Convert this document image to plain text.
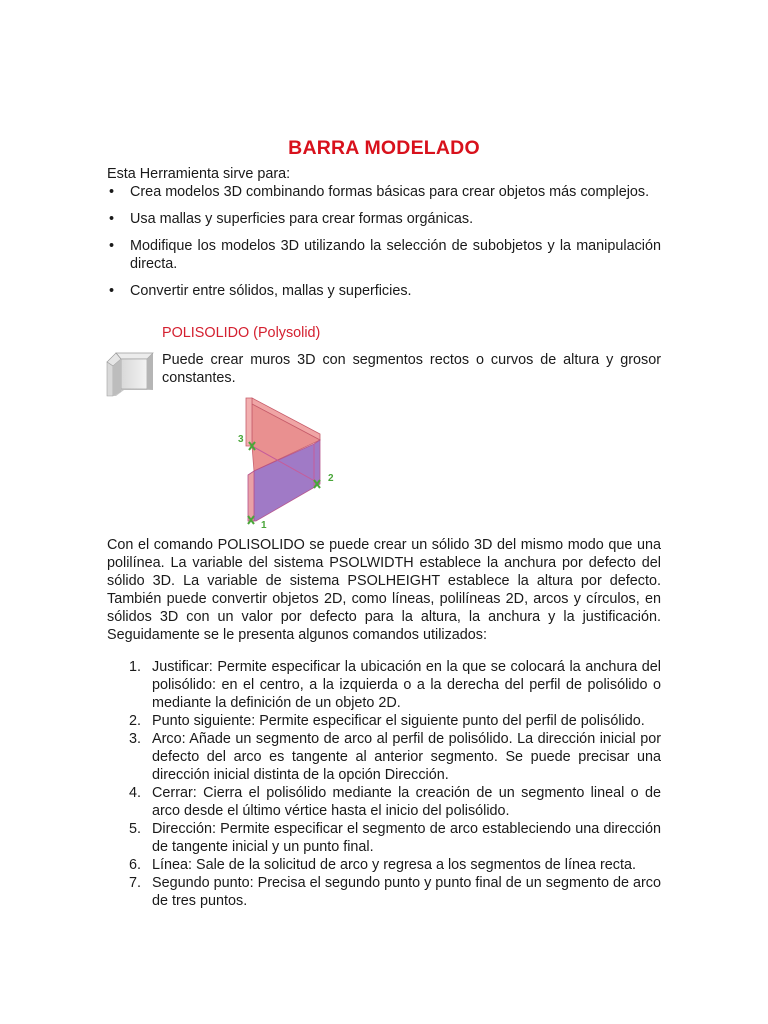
BARRA MODELADO
Esta Herramienta sirve para:
• Crea modelos 3D combinando formas básicas para crear objetos más complejos.
• Usa mallas y superficies para crear formas orgánicas.
• Modifique los modelos 3D utilizando la selección de subobjetos y la manipulación directa.
• Convertir entre sólidos, mallas y superficies.
POLISOLIDO (Polysolid)
Puede crear muros 3D con segmentos rectos o curvos de altura y grosor constantes.
1
2
3
Con el comando POLISOLIDO se puede crear un sólido 3D del mismo modo que una polilínea. La variable del sistema PSOLWIDTH establece la anchura por defecto del sólido 3D. La variable de sistema PSOLHEIGHT establece la altura por defecto. También puede convertir objetos 2D, como líneas, polilíneas 2D, arcos y círculos, en sólidos 3D con un valor por defecto para la altura, la anchura y la justificación. Seguidamente se le presenta algunos comandos utilizados:
1. Justificar: Permite especificar la ubicación en la que se colocará la anchura del polisólido: en el centro, a la izquierda o a la derecha del perfil de polisólido o mediante la definición de un objeto 2D.
2. Punto siguiente: Permite especificar el siguiente punto del perfil de polisólido.
3. Arco: Añade un segmento de arco al perfil de polisólido. La dirección inicial por defecto del arco es tangente al anterior segmento. Se puede precisar una dirección inicial distinta de la opción Dirección.
4. Cerrar: Cierra el polisólido mediante la creación de un segmento lineal o de arco desde el último vértice hasta el inicio del polisólido.
5. Dirección: Permite especificar el segmento de arco estableciendo una dirección de tangente inicial y un punto final.
6. Línea: Sale de la solicitud de arco y regresa a los segmentos de línea recta.
7. Segundo punto: Precisa el segundo punto y punto final de un segmento de arco de tres puntos.
